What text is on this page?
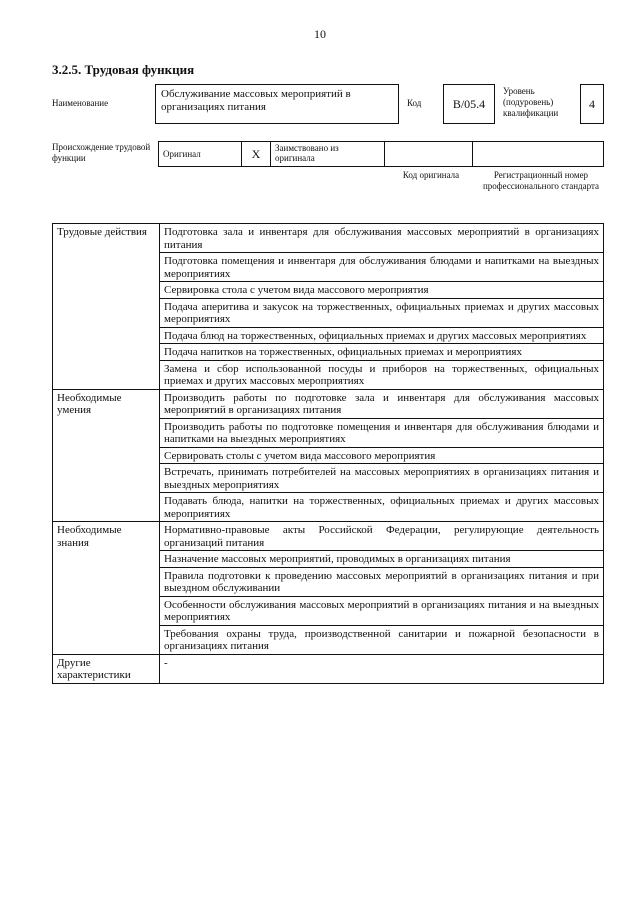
10
3.2.5. Трудовая функция
Наименование
Обслуживание массовых мероприятий в организациях питания	Код	B/05.4
Уровень (подуровень) квалификации
4
Происхождение трудовой функции	Оригинал	X	Заимствовано из оригинала
Код оригинала	Регистрационный номер профессионального стандарта
Трудовые действия	Подготовка зала и инвентаря для обслуживания массовых мероприятий в организациях питания
	Подготовка помещения и инвентаря для обслуживания блюдами и напитками на выездных мероприятиях
	Сервировка стола с учетом вида массового мероприятия
	Подача аперитива и закусок на торжественных, официальных приемах и других массовых мероприятиях
	Подача блюд на торжественных, официальных приемах и других массовых мероприятиях
	Подача напитков на торжественных, официальных приемах и мероприятиях
	Замена и сбор использованной посуды и приборов на торжественных, официальных приемах и других массовых мероприятиях
Необходимые умения	Производить работы по подготовке зала и инвентаря для обслуживания массовых мероприятий в организациях питания
	Производить работы по подготовке помещения и инвентаря для обслуживания блюдами и напитками на выездных мероприятиях
	Сервировать столы с учетом вида массового мероприятия
	Встречать, принимать потребителей на массовых мероприятиях в организациях питания и выездных мероприятиях
	Подавать блюда, напитки на торжественных, официальных приемах и других массовых мероприятиях
Необходимые знания	Нормативно-правовые акты Российской Федерации, регулирующие деятельность организаций питания
	Назначение массовых мероприятий, проводимых в организациях питания
	Правила подготовки к проведению массовых мероприятий в организациях питания и при выездном обслуживании
	Особенности обслуживания массовых мероприятий в организациях питания и на выездных мероприятиях
	Требования охраны труда, производственной санитарии и пожарной безопасности в организациях питания
Другие характеристики	-
